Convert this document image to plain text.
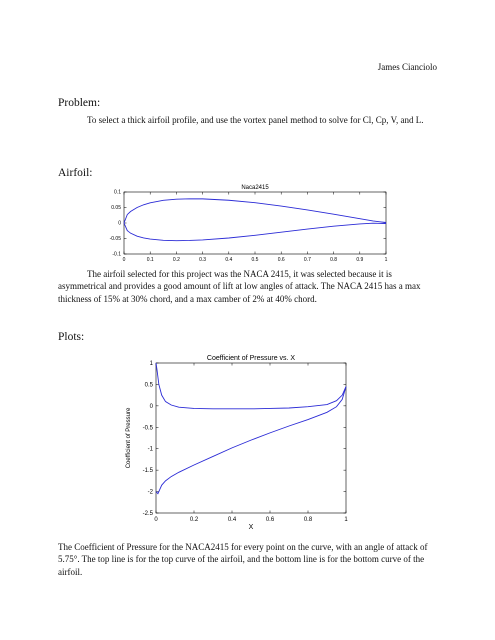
James Cianciolo
Problem:
To select a thick airfoil profile, and use the vortex panel method to solve for Cl, Cp, V, and L.
Airfoil:
Naca2415
0	0.1	0.2	0.3	0.4	0.5	0.6	0.7	0.8	0.9	1
-0.1
-0.05
0
0.05
0.1
The airfoil selected for this project was the NACA 2415, it was selected because it is asymmetrical and provides a good amount of lift at low angles of attack. The NACA 2415 has a max thickness of 15% at 30% chord, and a max camber of 2% at 40% chord.
Plots:
Coefficient of Pressure vs. X
0	0.2	0.4	0.6	0.8	1
1
0.5
0
-0.5
-1
-1.5
-2
-2.5
X
Coefficient of Pressure
The Coefficient of Pressure for the NACA2415 for every point on the curve, with an angle of attack of 5.75°. The top line is for the top curve of the airfoil, and the bottom line is for the bottom curve of the airfoil.
